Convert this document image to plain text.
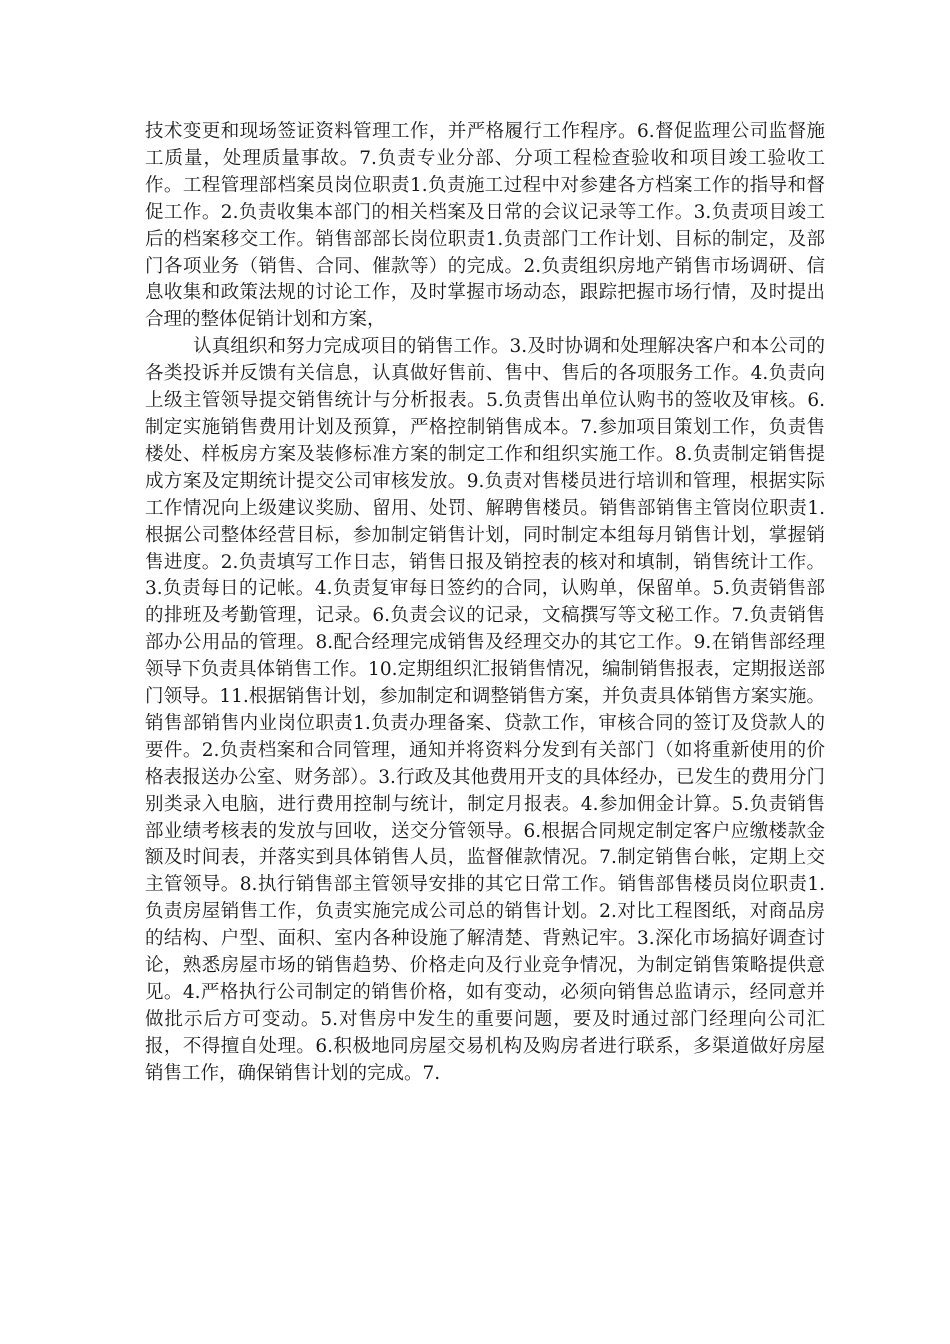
技术变更和现场签证资料管理工作，并严格履行工作程序。6.督促监理公司监督施工质量，处理质量事故。7.负责专业分部、分项工程检查验收和项目竣工验收工作。工程管理部档案员岗位职责1.负责施工过程中对参建各方档案工作的指导和督促工作。2.负责收集本部门的相关档案及日常的会议记录等工作。3.负责项目竣工后的档案移交工作。销售部部长岗位职责1.负责部门工作计划、目标的制定，及部门各项业务（销售、合同、催款等）的完成。2.负责组织房地产销售市场调研、信息收集和政策法规的讨论工作，及时掌握市场动态，跟踪把握市场行情，及时提出合理的整体促销计划和方案，

认真组织和努力完成项目的销售工作。3.及时协调和处理解决客户和本公司的各类投诉并反馈有关信息，认真做好售前、售中、售后的各项服务工作。4.负责向上级主管领导提交销售统计与分析报表。5.负责售出单位认购书的签收及审核。6.制定实施销售费用计划及预算，严格控制销售成本。7.参加项目策划工作，负责售楼处、样板房方案及装修标准方案的制定工作和组织实施工作。8.负责制定销售提成方案及定期统计提交公司审核发放。9.负责对售楼员进行培训和管理，根据实际工作情况向上级建议奖励、留用、处罚、解聘售楼员。销售部销售主管岗位职责1.根据公司整体经营目标，参加制定销售计划，同时制定本组每月销售计划，掌握销售进度。2.负责填写工作日志，销售日报及销控表的核对和填制，销售统计工作。3.负责每日的记帐。4.负责复审每日签约的合同，认购单，保留单。5.负责销售部的排班及考勤管理，记录。6.负责会议的记录，文稿撰写等文秘工作。7.负责销售部办公用品的管理。8.配合经理完成销售及经理交办的其它工作。9.在销售部经理领导下负责具体销售工作。10.定期组织汇报销售情况，编制销售报表，定期报送部门领导。11.根据销售计划，参加制定和调整销售方案，并负责具体销售方案实施。销售部销售内业岗位职责1.负责办理备案、贷款工作，审核合同的签订及贷款人的要件。2.负责档案和合同管理，通知并将资料分发到有关部门（如将重新使用的价格表报送办公室、财务部）。3.行政及其他费用开支的具体经办，已发生的费用分门别类录入电脑，进行费用控制与统计，制定月报表。4.参加佣金计算。5.负责销售部业绩考核表的发放与回收，送交分管领导。6.根据合同规定制定客户应缴楼款金额及时间表，并落实到具体销售人员，监督催款情况。7.制定销售台帐，定期上交主管领导。8.执行销售部主管领导安排的其它日常工作。销售部售楼员岗位职责1.负责房屋销售工作，负责实施完成公司总的销售计划。2.对比工程图纸，对商品房的结构、户型、面积、室内各种设施了解清楚、背熟记牢。3.深化市场搞好调查讨论，熟悉房屋市场的销售趋势、价格走向及行业竞争情况，为制定销售策略提供意见。4.严格执行公司制定的销售价格，如有变动，必须向销售总监请示，经同意并做批示后方可变动。5.对售房中发生的重要问题，要及时通过部门经理向公司汇报，不得擅自处理。6.积极地同房屋交易机构及购房者进行联系，多渠道做好房屋销售工作，确保销售计划的完成。7.
